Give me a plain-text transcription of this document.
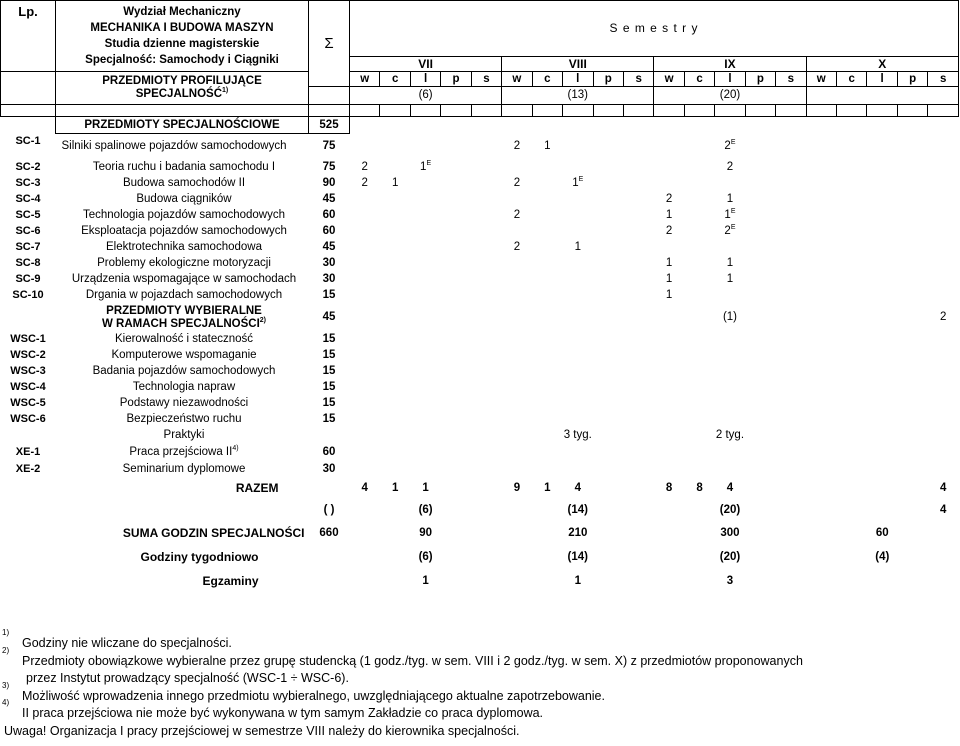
Lp.	Wydział Mechaniczny
MECHANIKA I BUDOWA MASZYN
Studia dzienne magisterskie
Specjalność: Samochody i Ciągniki	Σ	S e m e s t r y																			
			VII					VIII					IX					X				

	PRZEDMIOTY PROFILUJĄCE
SPECJALNOŚĆ$^{1)}$		w	c	l	p	s	w	c	l	p	s	w	c	l	p	s	w	c	l	p	s
			(6)					(13)					(20)									

	PRZEDMIOTY SPECJALNOŚCIOWE	525																				
SC-1	Silniki spalinowe pojazdów samochodowych	75						2	1						$2^E$							
SC-2	Teoria ruchu i badania samochodu I	75	2		$1^E$										2							
SC-3	Budowa samochodów II	90	2	1				2		$1^E$												
SC-4	Budowa ciągników	45											2		1							
SC-5	Technologia pojazdów samochodowych	60						2					1		$1^E$							
SC-6	Eksploatacja pojazdów samochodowych	60											2		$2^E$							
SC-7	Elektrotechnika samochodowa	45						2		1												
SC-8	Problemy ekologiczne motoryzacji	30											1		1							
SC-9	Urządzenia wspomagające w samochodach	30											1		1							
SC-10	Drgania w pojazdach samochodowych	15											1									

	PRZEDMIOTY WYBIERALNE
W RAMACH SPECJALNOŚCI$^{2)}$	45											(1)									2
WSC-1	Kierowalność i stateczność	15																				
WSC-2	Komputerowe wspomaganie	15																				
WSC-3	Badania pojazdów samochodowych	15																				
WSC-4	Technologia napraw	15																				
WSC-5	Podstawy niezawodności	15																				
WSC-6	Bezpieczeństwo ruchu	15																				
	Praktyki							3 tyg.					2 tyg.									
XE-1	Praca przejściowa II$^{4)}$	60																				
XE-2	Seminarium dyplomowe	30																				
	RAZEM		4	1	1			9	1	4			8	8	4							4
		( )	(6)					(14)					(20)									4
	SUMA GODZIN SPECJALNOŚCI	660	90					210					300					60				
	Godziny tygodniowo		(6)					(14)					(20)					(4)				
	Egzaminy		1					1					3									
1)
Godziny nie wliczane do specjalności.
2)
Przedmioty obowiązkowe wybieralne przez grupę studencką (1 godz./tyg. w sem. VIII i 2 godz./tyg. w sem. X) z przedmiotów proponowanych
przez Instytut prowadzący specjalność (WSC-1 ÷ WSC-6).
3)
Możliwość wprowadzenia innego przedmiotu wybieralnego, uwzględniającego aktualne zapotrzebowanie.
4)
II praca przejściowa nie może być wykonywana w tym samym Zakładzie co praca dyplomowa.
Uwaga! Organizacja I pracy przejściowej w semestrze VIII należy do kierownika specjalności.
